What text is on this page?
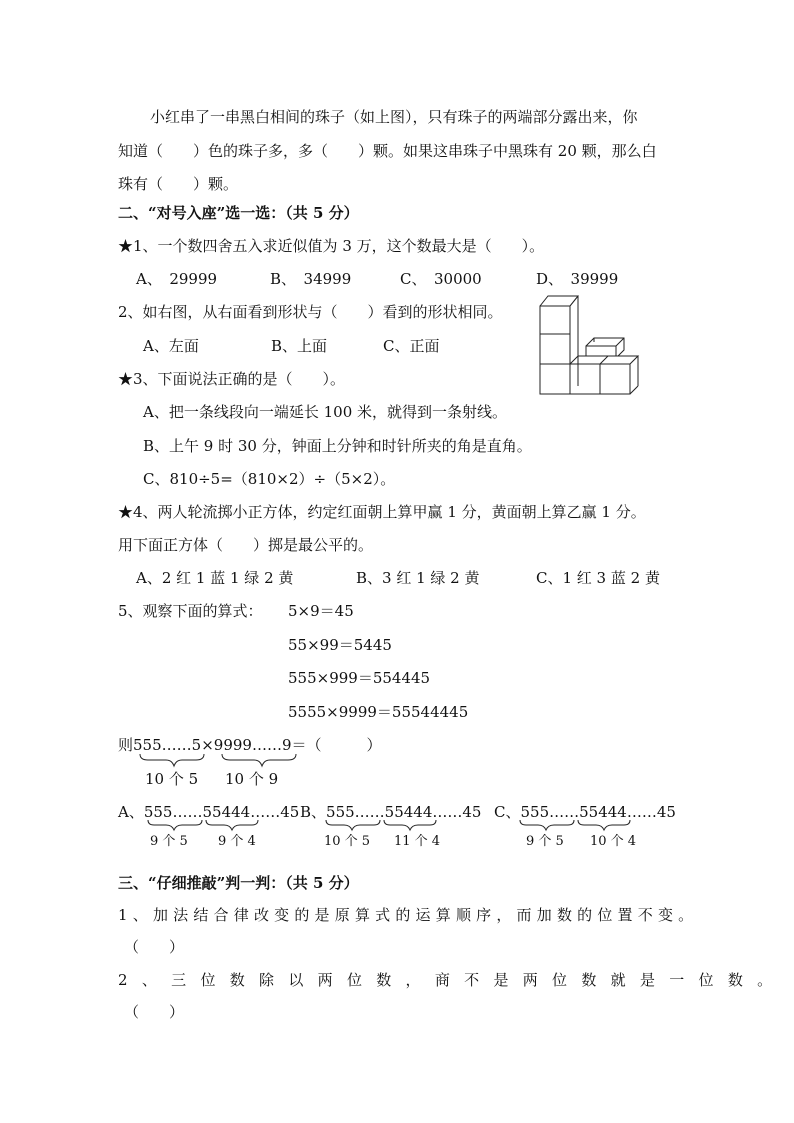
小红串了一串黑白相间的珠子（如上图），只有珠子的两端部分露出来，你
知道（　　）色的珠子多，多（　　）颗。如果这串珠子中黑珠有 20 颗，那么白
珠有（　　）颗。
二、“对号入座”选一选：（共 5 分）
★1、一个数四舍五入求近似值为 3 万，这个数最大是（　　）。
A、　29999	B、　34999	C、　30000	D、　39999
2、如右图，从右面看到形状与（　　）看到的形状相同。
A、左面	B、上面	C、正面
★3、下面说法正确的是（　　）。
A、把一条线段向一端延长 100 米，就得到一条射线。
B、上午 9 时 30 分，钟面上分钟和时针所夹的角是直角。
C、810÷5=（810×2）÷（5×2）。
★4、两人轮流掷小正方体，约定红面朝上算甲赢 1 分，黄面朝上算乙赢 1 分。
用下面正方体（　　）掷是最公平的。
A、2 红 1 蓝 1 绿 2 黄	B、3 红 1 绿 2 黄	C、1 红 3 蓝 2 黄
5、观察下面的算式： 5×9＝45
55×99＝5445
555×999＝554445
5555×9999＝55544445
则555……5×9999……9＝（　　　）
10 个 5 10 个 9
A、555……55444……45 B、555……55444……45 C、555……55444……45
9 个 5 9 个 4	10 个 5 11 个 4	9 个 5 10 个 4
三、“仔细推敲”判一判：（共 5 分）
1、加法结合律改变的是原算式的运算顺序，而加数的位置不变。
（　　）
2、三位数除以两位数，商不是两位数就是一位数。
（　　）
